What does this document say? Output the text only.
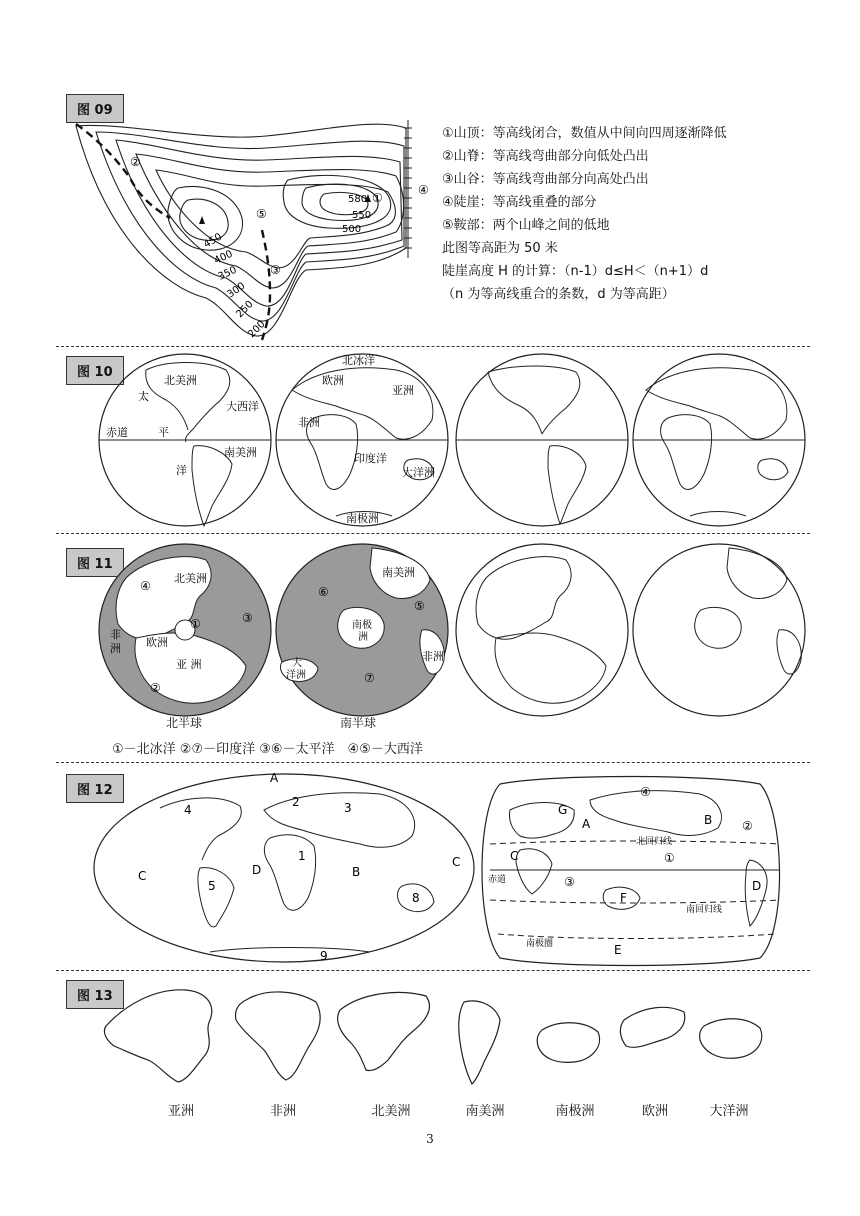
图 09
②
⑤
③
①
④
580
550
500
450
400
350
300
250
200
①山顶：等高线闭合，数值从中间向四周逐渐降低
②山脊：等高线弯曲部分向低处凸出
③山谷：等高线弯曲部分向高处凸出
④陡崖：等高线重叠的部分
⑤鞍部：两个山峰之间的低地
此图等高距为 50 米
陡崖高度 H 的计算：（n-1）d≤H＜（n+1）d
（n 为等高线重合的条数，d 为等高距）
图 10
北美洲
太
大西洋
赤道	平
南美洲
洋
北冰洋
欧洲
亚洲
非洲
印度洋
大洋洲
南极洲
图 11
④
北美洲
③
非
洲 欧洲
①
亚 洲
②
⑥
南美洲
⑤
南极
洲
非洲
大
洋洲	⑦
北半球	南半球
①－北冰洋 ②⑦－印度洋 ③⑥－太平洋　④⑤－大西洋
图 12
A
2	3
4
1
B
C	D
5
C
8
9
④
G
A	B ②
北回归线
C	①
赤道	③	D
F
南回归线
南极圈	E
图 13
亚洲	非洲	北美洲	南美洲	南极洲	欧洲	大洋洲
3
